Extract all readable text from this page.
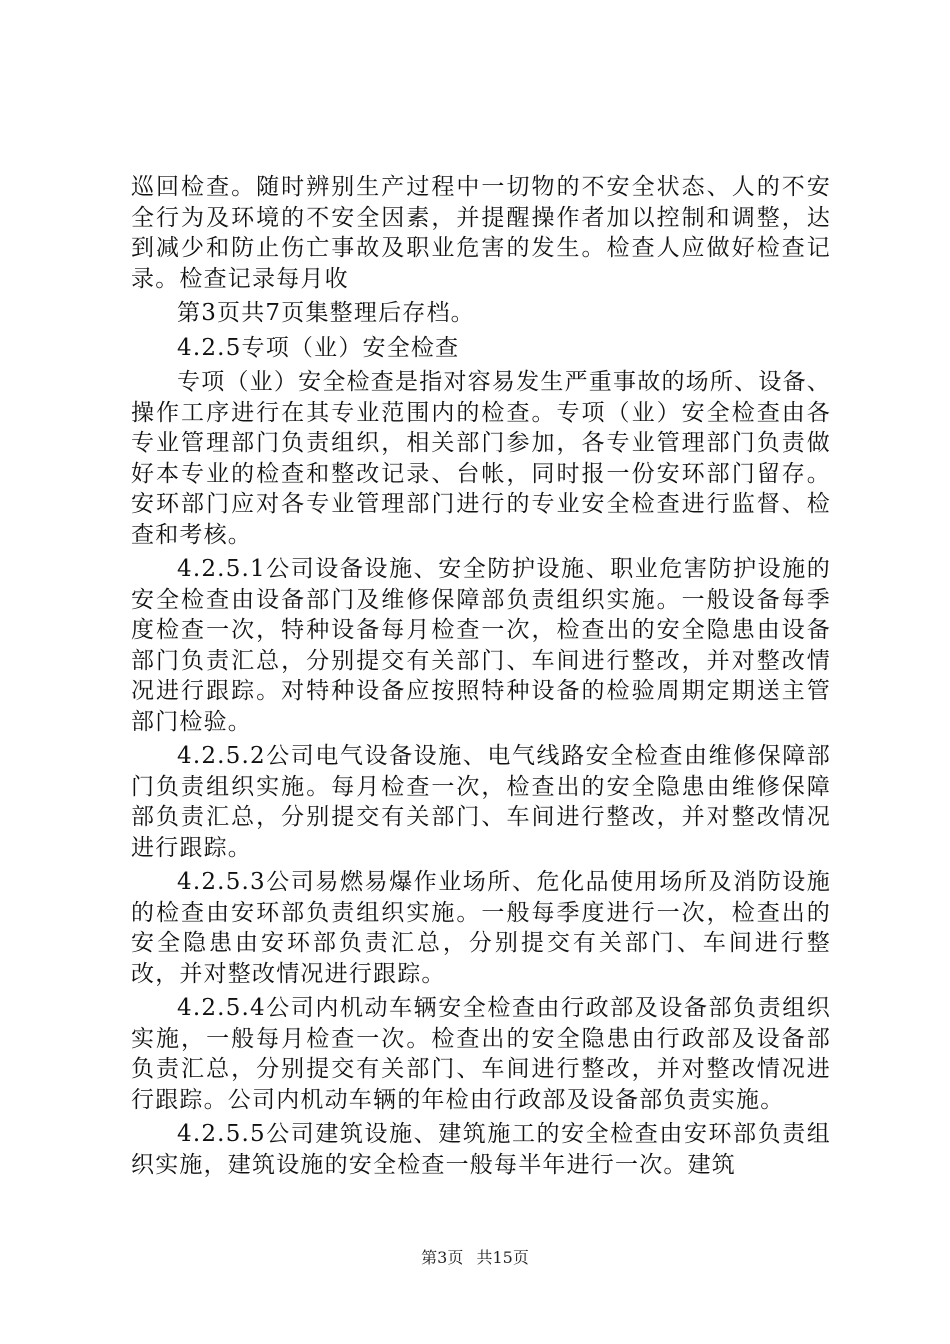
巡回检查。随时辨别生产过程中一切物的不安全状态、人的不安全行为及环境的不安全因素，并提醒操作者加以控制和调整，达到减少和防止伤亡事故及职业危害的发生。检查人应做好检查记录。检查记录每月收

第3页共7页集整理后存档。

4.2.5专项（业）安全检查

专项（业）安全检查是指对容易发生严重事故的场所、设备、操作工序进行在其专业范围内的检查。专项（业）安全检查由各专业管理部门负责组织，相关部门参加，各专业管理部门负责做好本专业的检查和整改记录、台帐，同时报一份安环部门留存。安环部门应对各专业管理部门进行的专业安全检查进行监督、检查和考核。

4.2.5.1公司设备设施、安全防护设施、职业危害防护设施的安全检查由设备部门及维修保障部负责组织实施。一般设备每季度检查一次，特种设备每月检查一次，检查出的安全隐患由设备部门负责汇总，分别提交有关部门、车间进行整改，并对整改情况进行跟踪。对特种设备应按照特种设备的检验周期定期送主管部门检验。

4.2.5.2公司电气设备设施、电气线路安全检查由维修保障部门负责组织实施。每月检查一次，检查出的安全隐患由维修保障部负责汇总，分别提交有关部门、车间进行整改，并对整改情况进行跟踪。

4.2.5.3公司易燃易爆作业场所、危化品使用场所及消防设施的检查由安环部负责组织实施。一般每季度进行一次，检查出的安全隐患由安环部负责汇总，分别提交有关部门、车间进行整改，并对整改情况进行跟踪。

4.2.5.4公司内机动车辆安全检查由行政部及设备部负责组织实施，一般每月检查一次。检查出的安全隐患由行政部及设备部负责汇总，分别提交有关部门、车间进行整改，并对整改情况进行跟踪。公司内机动车辆的年检由行政部及设备部负责实施。

4.2.5.5公司建筑设施、建筑施工的安全检查由安环部负责组织实施，建筑设施的安全检查一般每半年进行一次。建筑

第3页 共15页
